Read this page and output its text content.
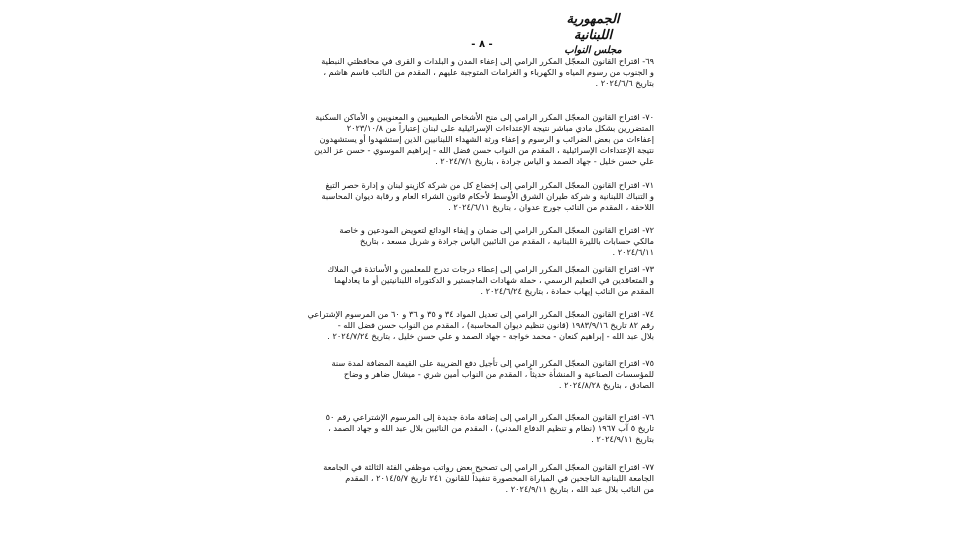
الجمهورية اللبنانية
مجلس النواب
- ٨ -
٦٩- اقتراح القانون المعجّل المكرر الرامي إلى إعفاء المدن و البلدات و القرى في محافظتي النبطية
و الجنوب من رسوم المياه و الكهرباء و الغرامات المتوجبة عليهم ، المقدم من النائب قاسم هاشم ،
بتاريخ ٢٠٢٤/٦/٦ .
٧٠- اقتراح القانون المعجّل المكرر الرامي إلى منح الأشخاص الطبيعيين و المعنويين و الأماكن السكنية
المتضررين بشكل مادي مباشر نتيجة الإعتداءات الإسرائيلية على لبنان إعتباراً من ٢٠٢٣/١٠/٨
إعفاءات من بعض الضرائب و الرسوم و إعفاء ورثة الشهداء اللبنانيين الذين إستشهدوا أو يستشهدون
نتيجة الإعتداءات الإسرائيلية ، المقدم من النواب حسن فضل الله - إبراهيم الموسوي - حسن عز الدين
علي حسن خليل - جهاد الصمد و الياس جرادة ، بتاريخ ٢٠٢٤/٧/١ .
٧١- اقتراح القانون المعجّل المكرر الرامي إلى إخضاع كل من شركة كازينو لبنان و إدارة حصر التبغ
و التنباك اللبنانية و شركة طيران الشرق الأوسط لأحكام قانون الشراء العام و رقابة ديوان المحاسبة
اللاحقة ، المقدم من النائب جورج عدوان ، بتاريخ ٢٠٢٤/٦/١١ .
٧٢- اقتراح القانون المعجّل المكرر الرامي إلى ضمان و إيفاء الودائع لتعويض المودعين و خاصة
مالكي حسابات بالليرة اللبنانية ، المقدم من النائبين الياس جرادة و شربل مسعد ، بتاريخ
٢٠٢٤/٦/١١ .
٧٣- اقتراح القانون المعجّل المكرر الرامي إلى إعطاء درجات تدرج للمعلمين و الأساتذة في الملاك
و المتعاقدين في التعليم الرسمي ، حملة شهادات الماجستير و الدكتوراه اللبنانيتين أو ما يعادلهما
المقدم من النائب إيهاب حمادة ، بتاريخ ٢٠٢٤/٦/٢٤ .
٧٤- اقتراح القانون المعجّل المكرر الرامي إلى تعديل المواد ٣٤ و ٣٥ و ٣٦ و ٦٠ من المرسوم الإشتراعي
رقم ٨٢ تاريخ ١٩٨٣/٩/١٦ (قانون تنظيم ديوان المحاسبة) ، المقدم من النواب حسن فضل الله -
بلال عبد الله - إبراهيم كنعان - محمد خواجة - جهاد الصمد و علي حسن خليل ، بتاريخ ٢٠٢٤/٧/٢٤ .
٧٥- اقتراح القانون المعجّل المكرر الرامي إلى تأجيل دفع الضريبة على القيمة المضافة لمدة سنة
للمؤسسات الصناعية و المنشأة حديثاً ، المقدم من النواب أمين شري - ميشال ضاهر و وضاح
الصادق ، بتاريخ ٢٠٢٤/٨/٢٨ .
٧٦- اقتراح القانون المعجّل المكرر الرامي إلى إضافة مادة جديدة إلى المرسوم الإشتراعي رقم ٥٠
تاريخ ٥ آب ١٩٦٧ (نظام و تنظيم الدفاع المدني) ، المقدم من النائبين بلال عبد الله و جهاد الصمد ،
بتاريخ ٢٠٢٤/٩/١١ .
٧٧- اقتراح القانون المعجّل المكرر الرامي إلى تصحيح بعض رواتب موظفي الفئة الثالثة في الجامعة
الجامعة اللبنانية الناجحين في المباراة المحصورة تنفيذاً للقانون ٢٤١ تاريخ ٢٠١٤/٥/٧ ، المقدم
من النائب بلال عبد الله ، بتاريخ ٢٠٢٤/٩/١١ .
